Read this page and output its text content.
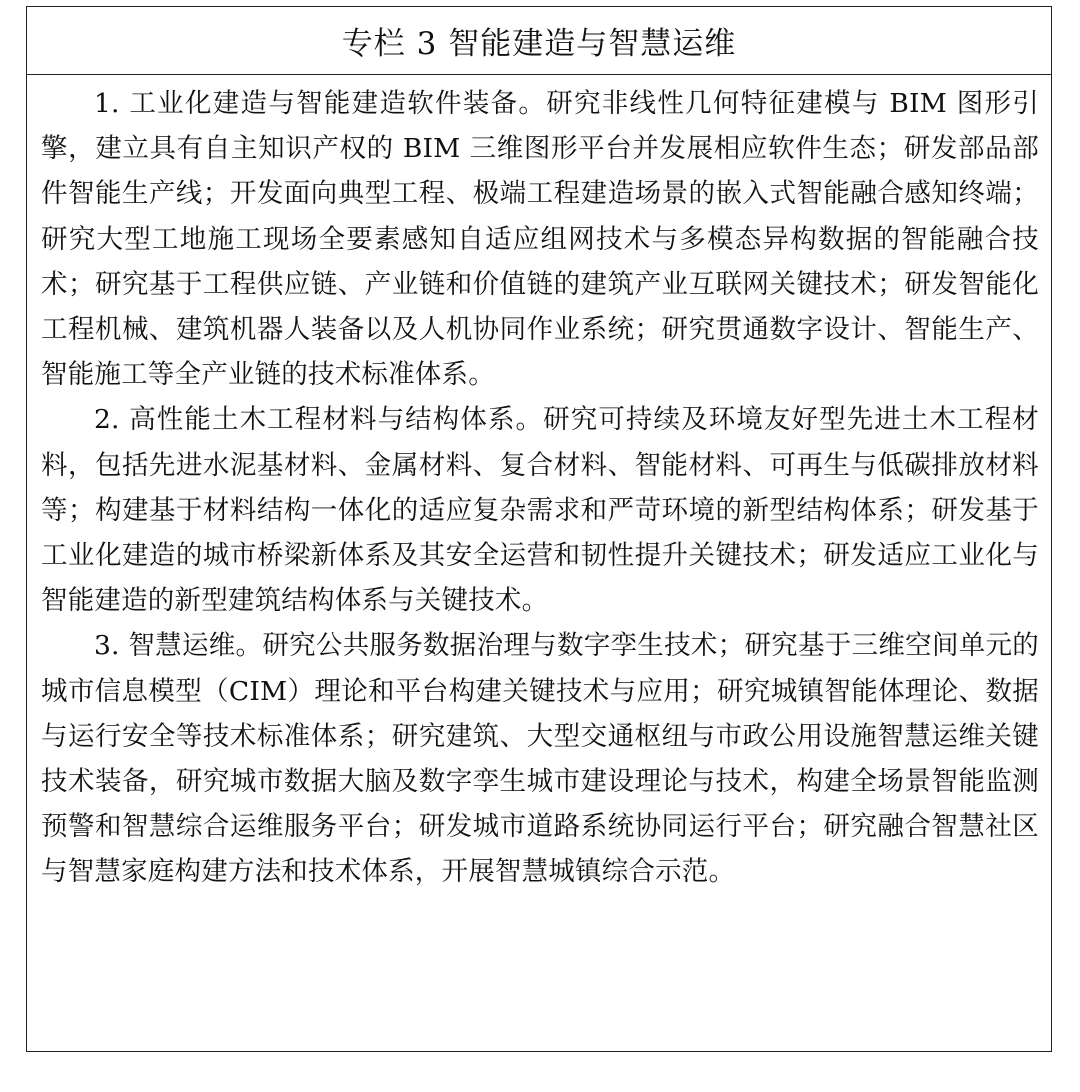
专栏 3 智能建造与智慧运维

1. 工业化建造与智能建造软件装备。研究非线性几何特征建模与 BIM 图形引擎，建立具有自主知识产权的 BIM 三维图形平台并发展相应软件生态；研发部品部件智能生产线；开发面向典型工程、极端工程建造场景的嵌入式智能融合感知终端；研究大型工地施工现场全要素感知自适应组网技术与多模态异构数据的智能融合技术；研究基于工程供应链、产业链和价值链的建筑产业互联网关键技术；研发智能化工程机械、建筑机器人装备以及人机协同作业系统；研究贯通数字设计、智能生产、智能施工等全产业链的技术标准体系。

2. 高性能土木工程材料与结构体系。研究可持续及环境友好型先进土木工程材料，包括先进水泥基材料、金属材料、复合材料、智能材料、可再生与低碳排放材料等；构建基于材料结构一体化的适应复杂需求和严苛环境的新型结构体系；研发基于工业化建造的城市桥梁新体系及其安全运营和韧性提升关键技术；研发适应工业化与智能建造的新型建筑结构体系与关键技术。

3. 智慧运维。研究公共服务数据治理与数字孪生技术；研究基于三维空间单元的城市信息模型（CIM）理论和平台构建关键技术与应用；研究城镇智能体理论、数据与运行安全等技术标准体系；研究建筑、大型交通枢纽与市政公用设施智慧运维关键技术装备，研究城市数据大脑及数字孪生城市建设理论与技术，构建全场景智能监测预警和智慧综合运维服务平台；研发城市道路系统协同运行平台；研究融合智慧社区与智慧家庭构建方法和技术体系，开展智慧城镇综合示范。
